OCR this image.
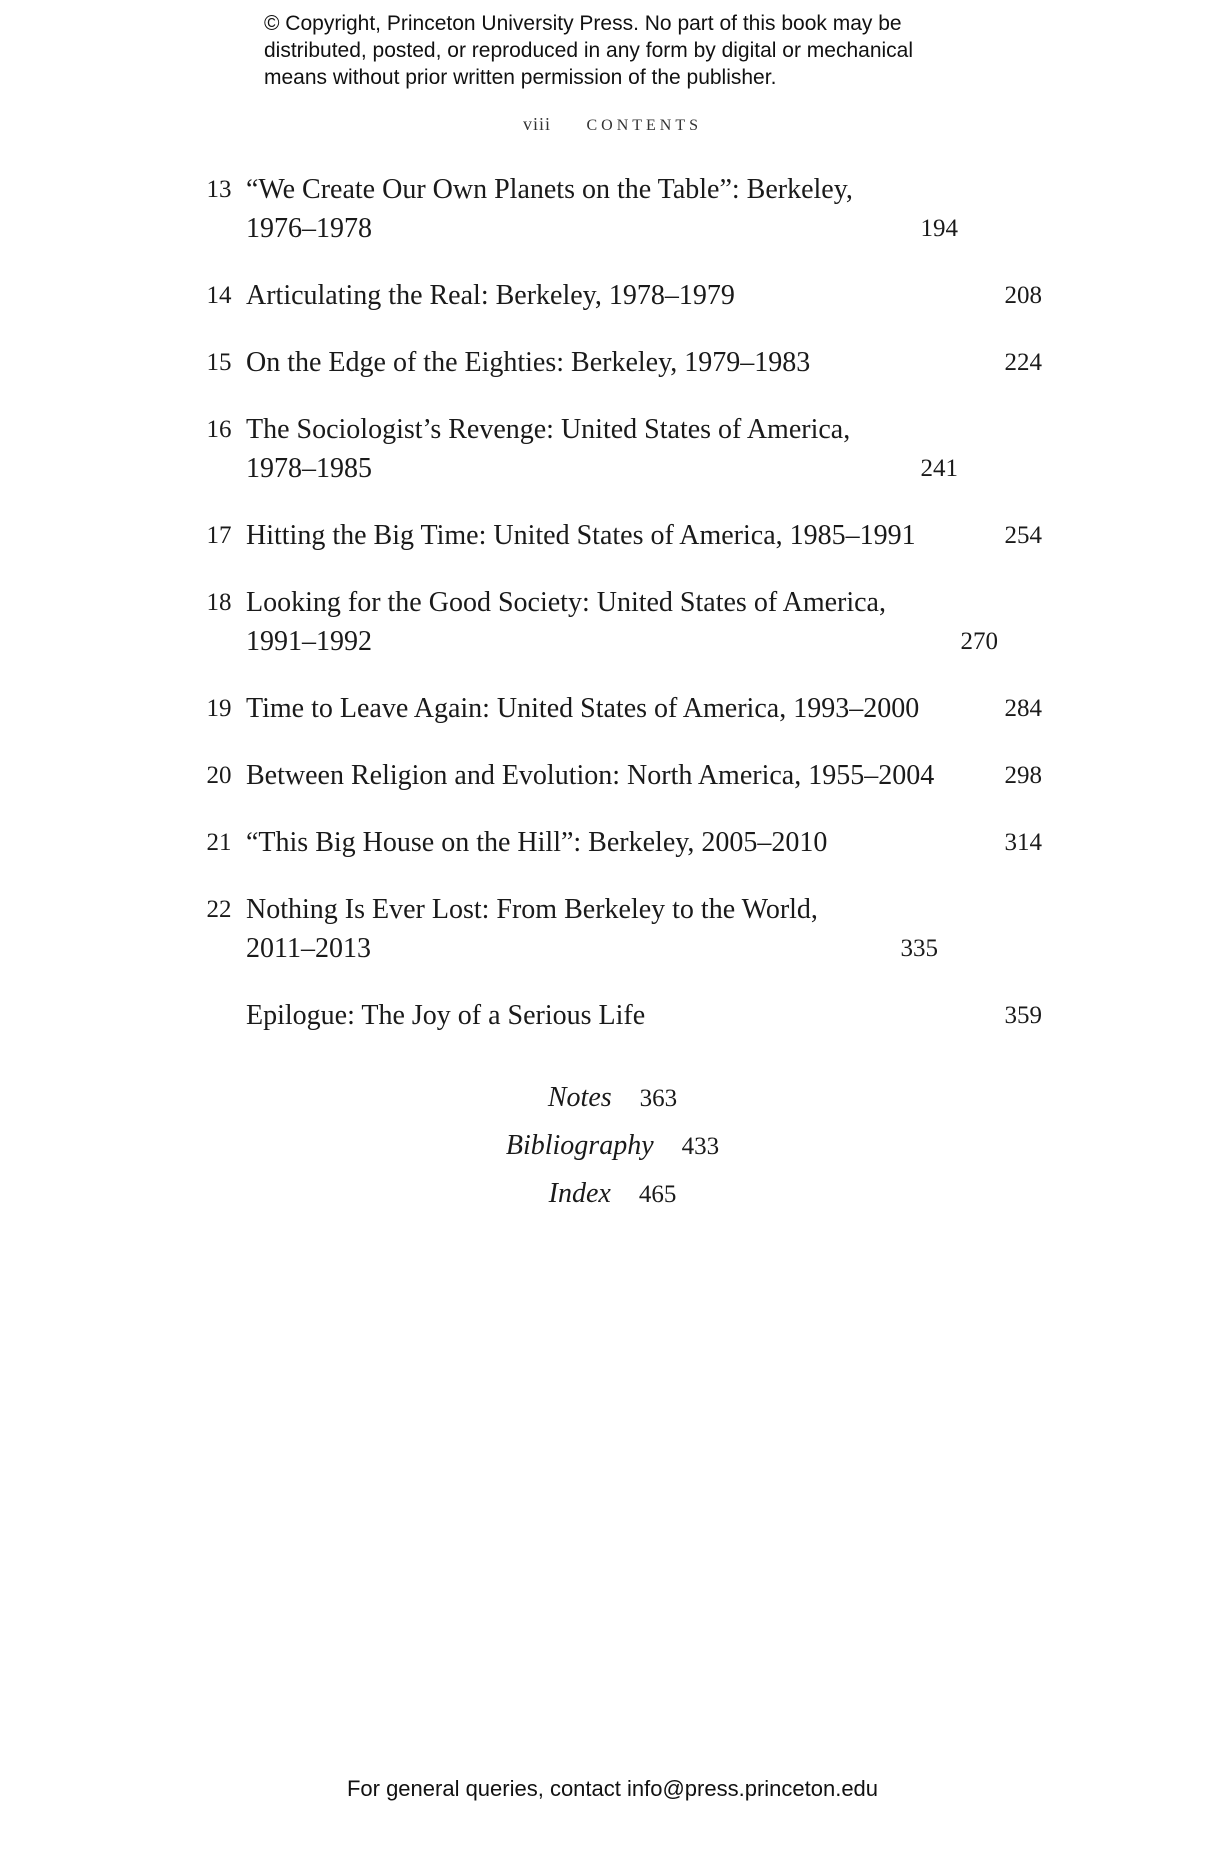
© Copyright, Princeton University Press. No part of this book may be
distributed, posted, or reproduced in any form by digital or mechanical
means without prior written permission of the publisher.
viii CONTENTS
13 “We Create Our Own Planets on the Table”: Berkeley, 1976–1978	194
14 Articulating the Real: Berkeley, 1978–1979	208
15 On the Edge of the Eighties: Berkeley, 1979–1983	224
16 The Sociologist’s Revenge: United States of America, 1978–1985	241
17 Hitting the Big Time: United States of America, 1985–1991	254
18 Looking for the Good Society: United States of America, 1991–1992	270
19 Time to Leave Again: United States of America, 1993–2000	284
20 Between Religion and Evolution: North America, 1955–2004	298
21 “This Big House on the Hill”: Berkeley, 2005–2010	314
22 Nothing Is Ever Lost: From Berkeley to the World, 2011–2013	335
Epilogue: The Joy of a Serious Life	359
Notes 363
Bibliography 433
Index 465
For general queries, contact info@press.princeton.edu
